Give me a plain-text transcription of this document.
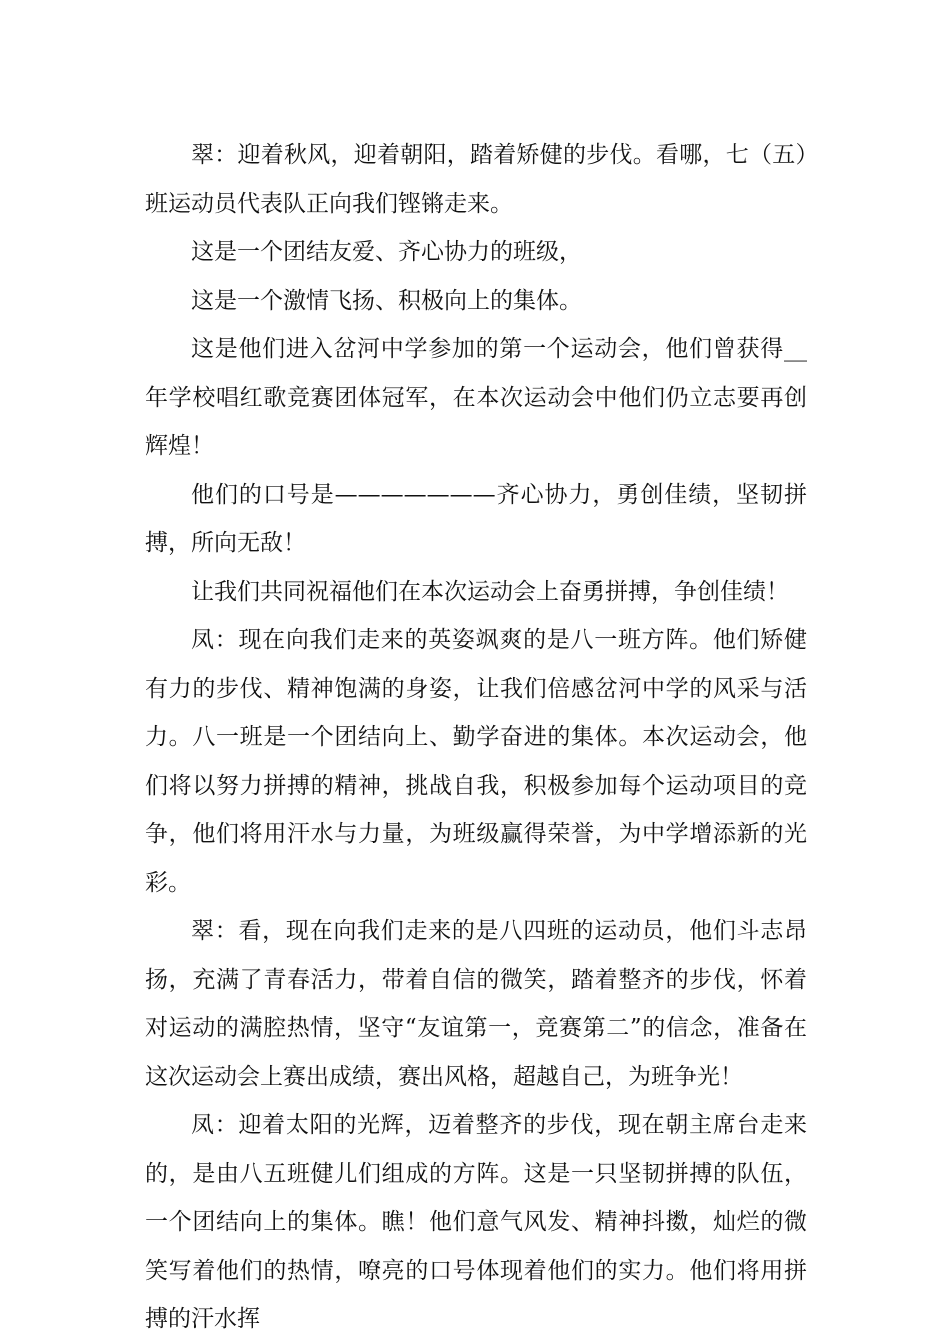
翠：迎着秋风，迎着朝阳，踏着矫健的步伐。看哪，七（五）班运动员代表队正向我们铿锵走来。

这是一个团结友爱、齐心协力的班级，

这是一个激情飞扬、积极向上的集体。

这是他们进入岔河中学参加的第一个运动会，他们曾获得__年学校唱红歌竞赛团体冠军，在本次运动会中他们仍立志要再创辉煌！

他们的口号是———————齐心协力，勇创佳绩，坚韧拼搏，所向无敌！

让我们共同祝福他们在本次运动会上奋勇拼搏，争创佳绩！

凤：现在向我们走来的英姿飒爽的是八一班方阵。他们矫健有力的步伐、精神饱满的身姿，让我们倍感岔河中学的风采与活力。八一班是一个团结向上、勤学奋进的集体。本次运动会，他们将以努力拼搏的精神，挑战自我，积极参加每个运动项目的竞争，他们将用汗水与力量，为班级赢得荣誉，为中学增添新的光彩。

翠：看，现在向我们走来的是八四班的运动员，他们斗志昂扬，充满了青春活力，带着自信的微笑，踏着整齐的步伐，怀着对运动的满腔热情，坚守“友谊第一，竞赛第二”的信念，准备在这次运动会上赛出成绩，赛出风格，超越自己，为班争光！

凤：迎着太阳的光辉，迈着整齐的步伐，现在朝主席台走来的，是由八五班健儿们组成的方阵。这是一只坚韧拼搏的队伍，一个团结向上的集体。瞧！他们意气风发、精神抖擞，灿烂的微笑写着他们的热情，嘹亮的口号体现着他们的实力。他们将用拼搏的汗水挥
